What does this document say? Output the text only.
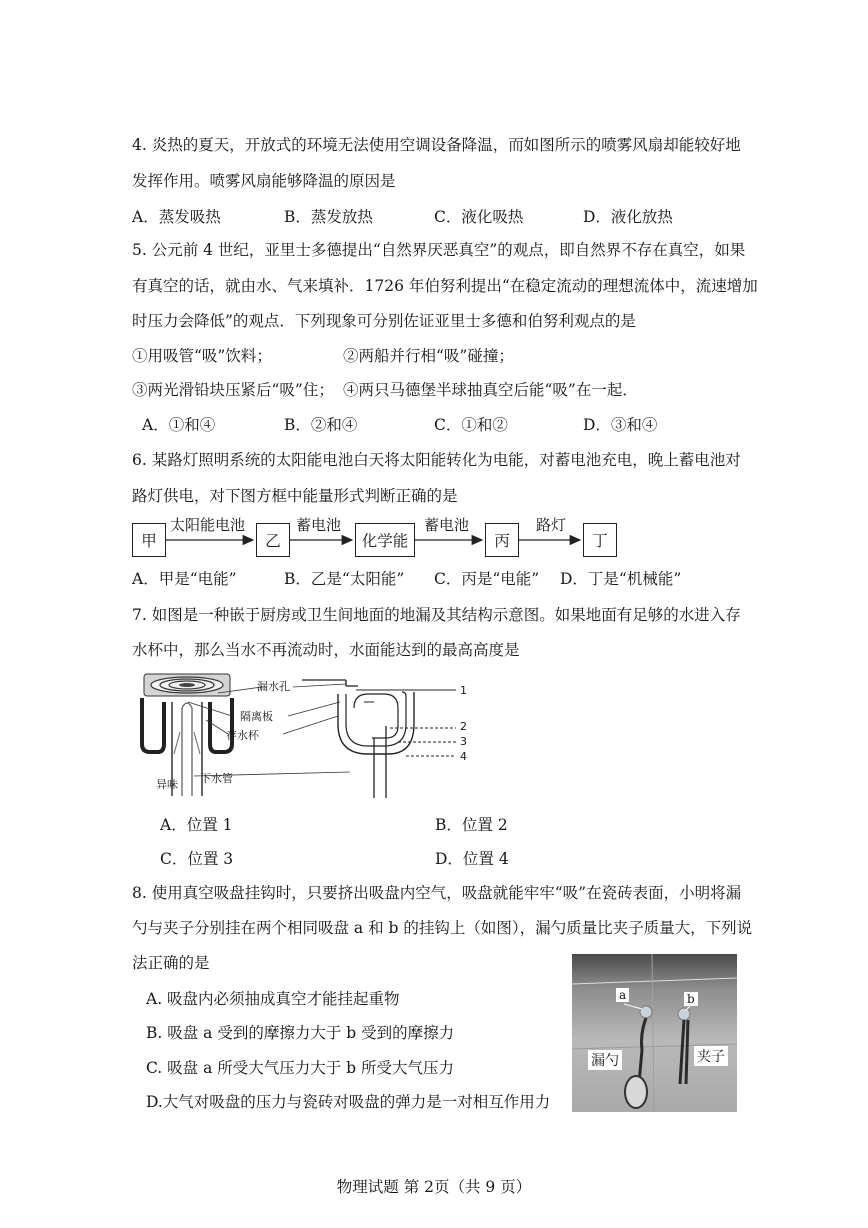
4. 炎热的夏天，开放式的环境无法使用空调设备降温，而如图所示的喷雾风扇却能较好地
发挥作用。喷雾风扇能够降温的原因是
A．蒸发吸热	B．蒸发放热	C．液化吸热	D．液化放热
5. 公元前 4 世纪，亚里士多德提出“自然界厌恶真空”的观点，即自然界不存在真空，如果
有真空的话，就由水、气来填补．1726 年伯努利提出“在稳定流动的理想流体中，流速增加
时压力会降低”的观点．下列现象可分别佐证亚里士多德和伯努利观点的是
①用吸管“吸”饮料；	②两船并行相“吸”碰撞；
③两光滑铅块压紧后“吸”住； ④两只马德堡半球抽真空后能“吸”在一起．
A．①和④	B．②和④	C．①和②	D．③和④
6. 某路灯照明系统的太阳能电池白天将太阳能转化为电能，对蓄电池充电，晚上蓄电池对
路灯供电，对下图方框中能量形式判断正确的是
甲	乙	化学能	丙	丁
太阳能电池	蓄电池	蓄电池	路灯
A．甲是“电能”	B．乙是“太阳能” C．丙是“电能” D．丁是“机械能”
7. 如图是一种嵌于厨房或卫生间地面的地漏及其结构示意图。如果地面有足够的水进入存
水杯中，那么当水不再流动时，水面能达到的最高高度是
漏水孔
隔离板
存水杯
异味 下水管
1
2
3
4
A．位置 1	B．位置 2
C．位置 3	D．位置 4
8. 使用真空吸盘挂钩时，只要挤出吸盘内空气，吸盘就能牢牢“吸”在瓷砖表面，小明将漏
勺与夹子分别挂在两个相同吸盘 a 和 b 的挂钩上（如图），漏勺质量比夹子质量大，下列说
法正确的是
A. 吸盘内必须抽成真空才能挂起重物
B. 吸盘 a 受到的摩擦力大于 b 受到的摩擦力
C. 吸盘 a 所受大气压力大于 b 所受大气压力
D.大气对吸盘的压力与瓷砖对吸盘的弹力是一对相互作用力
a	b
漏勺	夹子
物理试题 第 2页（共 9 页）
